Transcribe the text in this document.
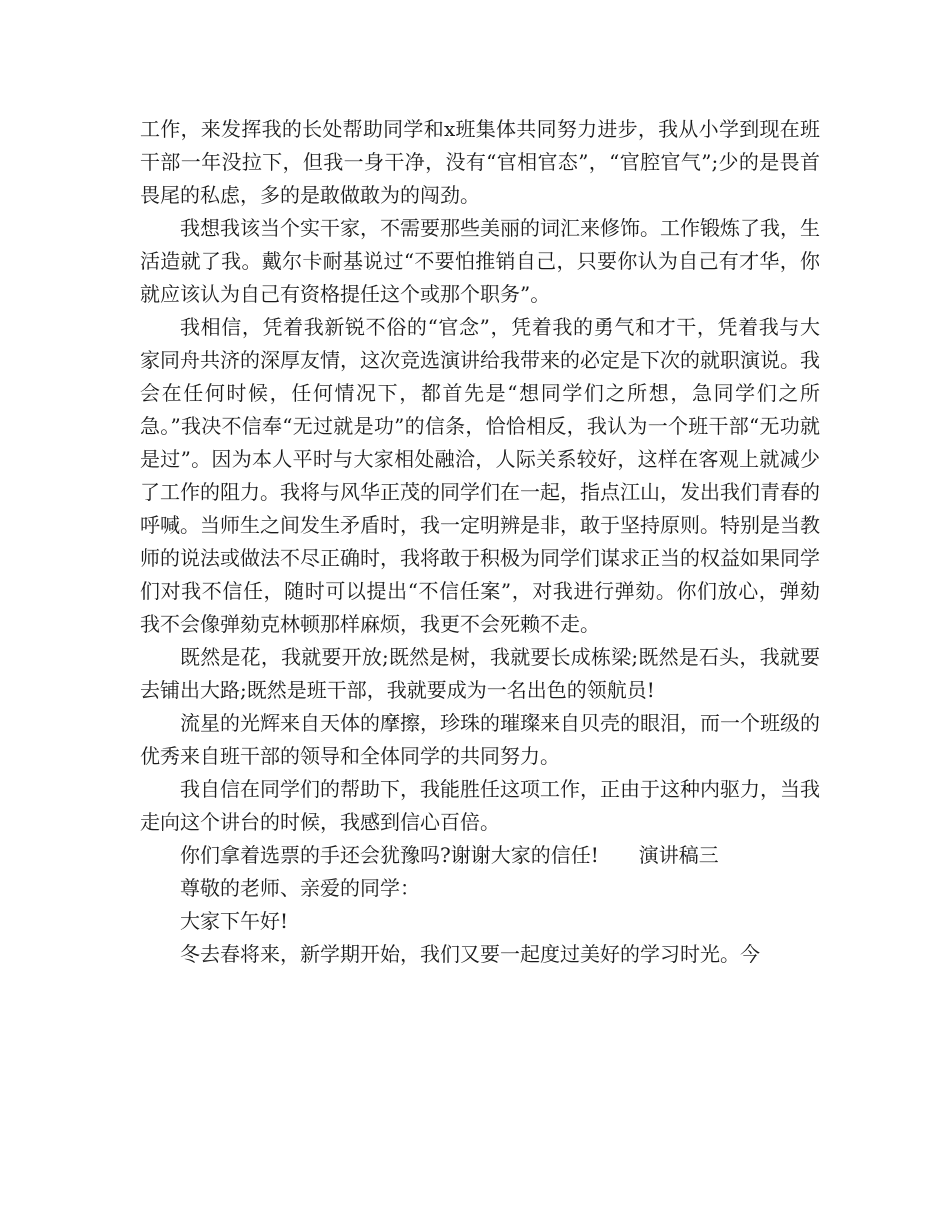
工作，来发挥我的长处帮助同学和x班集体共同努力进步，我从小学到现在班干部一年没拉下，但我一身干净，没有“官相官态”，“官腔官气”;少的是畏首畏尾的私虑，多的是敢做敢为的闯劲。

我想我该当个实干家，不需要那些美丽的词汇来修饰。工作锻炼了我，生活造就了我。戴尔卡耐基说过“不要怕推销自己，只要你认为自己有才华，你就应该认为自己有资格提任这个或那个职务”。

我相信，凭着我新锐不俗的“官念”，凭着我的勇气和才干，凭着我与大家同舟共济的深厚友情，这次竞选演讲给我带来的必定是下次的就职演说。我会在任何时候，任何情况下，都首先是“想同学们之所想，急同学们之所急。”我决不信奉“无过就是功”的信条，恰恰相反，我认为一个班干部“无功就是过”。因为本人平时与大家相处融洽，人际关系较好，这样在客观上就减少了工作的阻力。我将与风华正茂的同学们在一起，指点江山，发出我们青春的呼喊。当师生之间发生矛盾时，我一定明辨是非，敢于坚持原则。特别是当教师的说法或做法不尽正确时，我将敢于积极为同学们谋求正当的权益如果同学们对我不信任，随时可以提出“不信任案”，对我进行弹劾。你们放心，弹劾我不会像弹劾克林顿那样麻烦，我更不会死赖不走。

既然是花，我就要开放;既然是树，我就要长成栋梁;既然是石头，我就要去铺出大路;既然是班干部，我就要成为一名出色的领航员!

流星的光辉来自天体的摩擦，珍珠的璀璨来自贝壳的眼泪，而一个班级的优秀来自班干部的领导和全体同学的共同努力。

我自信在同学们的帮助下，我能胜任这项工作，正由于这种内驱力，当我走向这个讲台的时候，我感到信心百倍。

你们拿着选票的手还会犹豫吗?谢谢大家的信任!　　演讲稿三

尊敬的老师、亲爱的同学：

大家下午好!

冬去春将来，新学期开始，我们又要一起度过美好的学习时光。今
